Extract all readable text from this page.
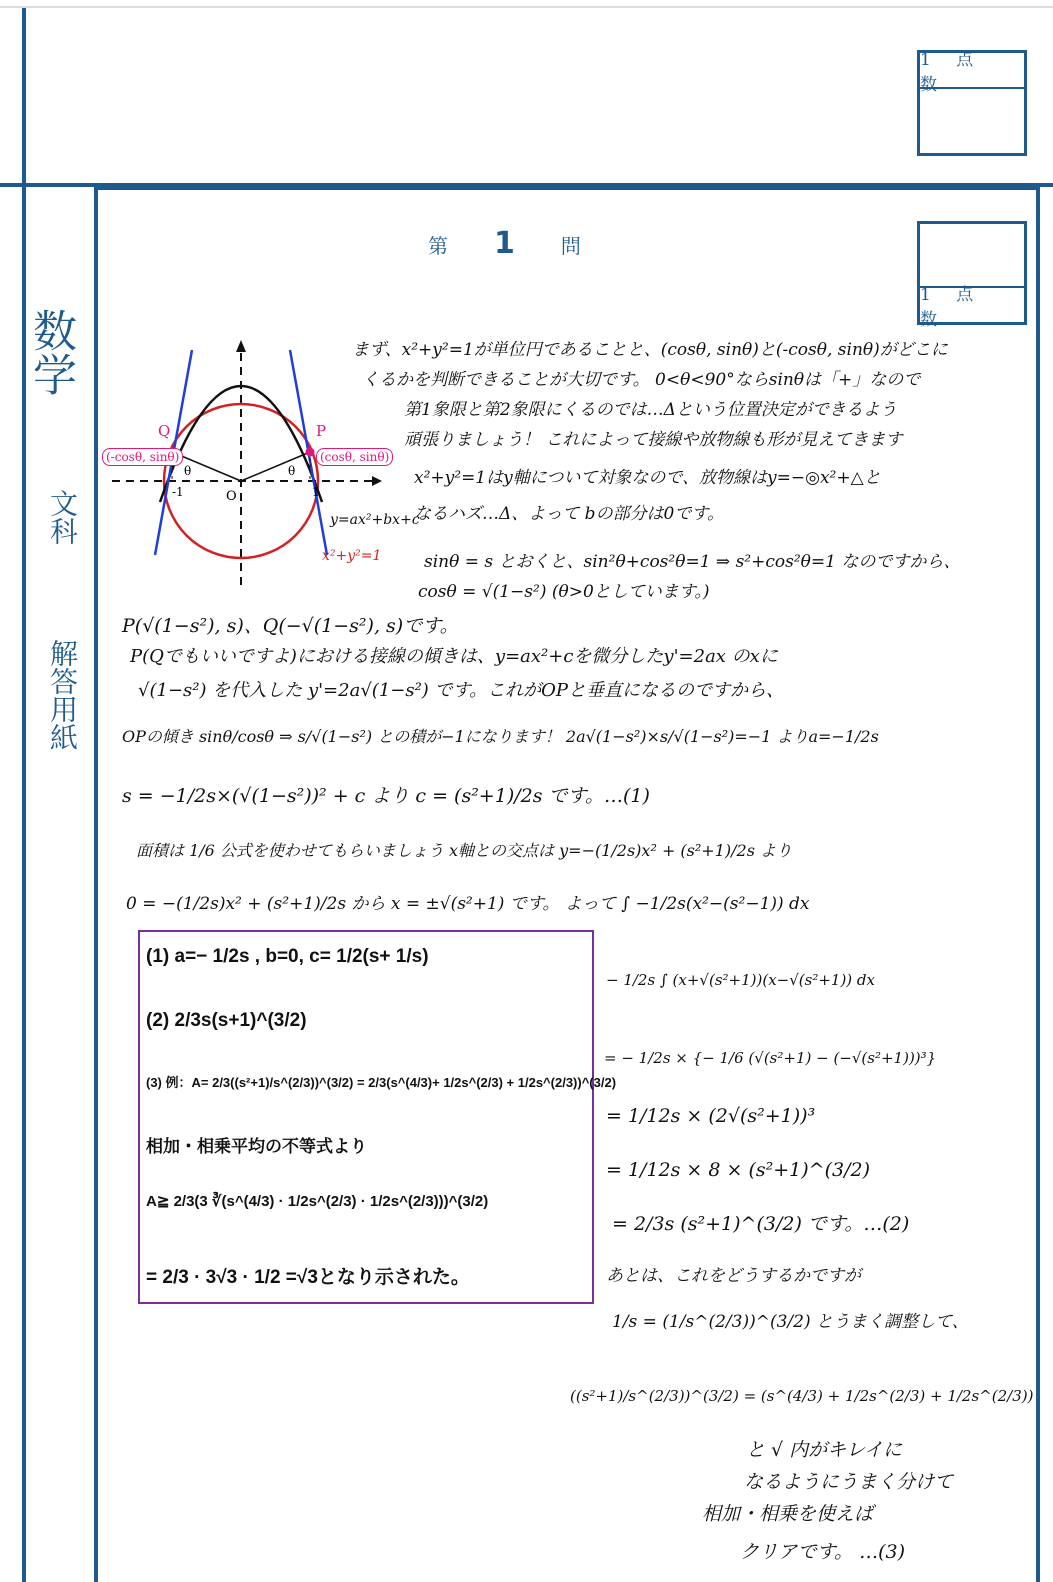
1 点 数
1 点 数
数学
文科
解答用紙
第 1 問
Q	P
O
-1	1
θ	θ
(-cosθ, sinθ)	(cosθ, sinθ)
y=ax²+bx+c
x²+y²=1
まず、x²+y²=1が単位円であることと、(cosθ, sinθ)と(-cosθ, sinθ)がどこに
くるかを判断できることが大切です。 0<θ<90°ならsinθは「+」なので
第1象限と第2象限にくるのでは…Δという位置決定ができるよう
頑張りましょう！ これによって接線や放物線も形が見えてきます
x²+y²=1はy軸について対象なので、放物線はy=−◎x²+△と
なるハズ…Δ、よって bの部分は0です。
sinθ = s とおくと、sin²θ+cos²θ=1 ⇒ s²+cos²θ=1 なのですから、
cosθ = √(1−s²) (θ>0としています。)
P(√(1−s²), s)、Q(−√(1−s²), s)です。
P(Qでもいいですよ)における接線の傾きは、y=ax²+cを微分したy'=2ax のxに
√(1−s²) を代入した y'=2a√(1−s²) です。これがOPと垂直になるのですから、
OPの傾き sinθ/cosθ ⇒ s/√(1−s²) との積が−1になります！ 2a√(1−s²)×s/√(1−s²)=−1 よりa=−1/2s
s = −1/2s×(√(1−s²))² + c より c = (s²+1)/2s です。…(1)
面積は 1/6 公式を使わせてもらいましょう x軸との交点は y=−(1/2s)x² + (s²+1)/2s より
0 = −(1/2s)x² + (s²+1)/2s から x = ±√(s²+1) です。 よって ∫ −1/2s(x²−(s²−1)) dx
− 1/2s ∫ (x+√(s²+1))(x−√(s²+1)) dx
= − 1/2s × {− 1/6 (√(s²+1) − (−√(s²+1)))³}
= 1/12s × (2√(s²+1))³
= 1/12s × 8 × (s²+1)^(3/2)
= 2/3s (s²+1)^(3/2) です。…(2)
あとは、これをどうするかですが
1/s = (1/s^(2/3))^(3/2) とうまく調整して、
((s²+1)/s^(2/3))^(3/2) = (s^(4/3) + 1/2s^(2/3) + 1/2s^(2/3))
と √ 内がキレイに
なるようにうまく分けて
相加・相乗を使えば
クリアです。 …(3)
(1) a=− 1/2s , b=0, c= 1/2(s+ 1/s)
(2) 2/3s(s+1)^(3/2)
(3) 例：A= 2/3((s²+1)/s^(2/3))^(3/2) = 2/3(s^(4/3)+ 1/2s^(2/3) + 1/2s^(2/3))^(3/2)
相加・相乗平均の不等式より
A≧ 2/3(3 ∛(s^(4/3) · 1/2s^(2/3) · 1/2s^(2/3)))^(3/2)
= 2/3 · 3√3 · 1/2 =√3となり示された。
